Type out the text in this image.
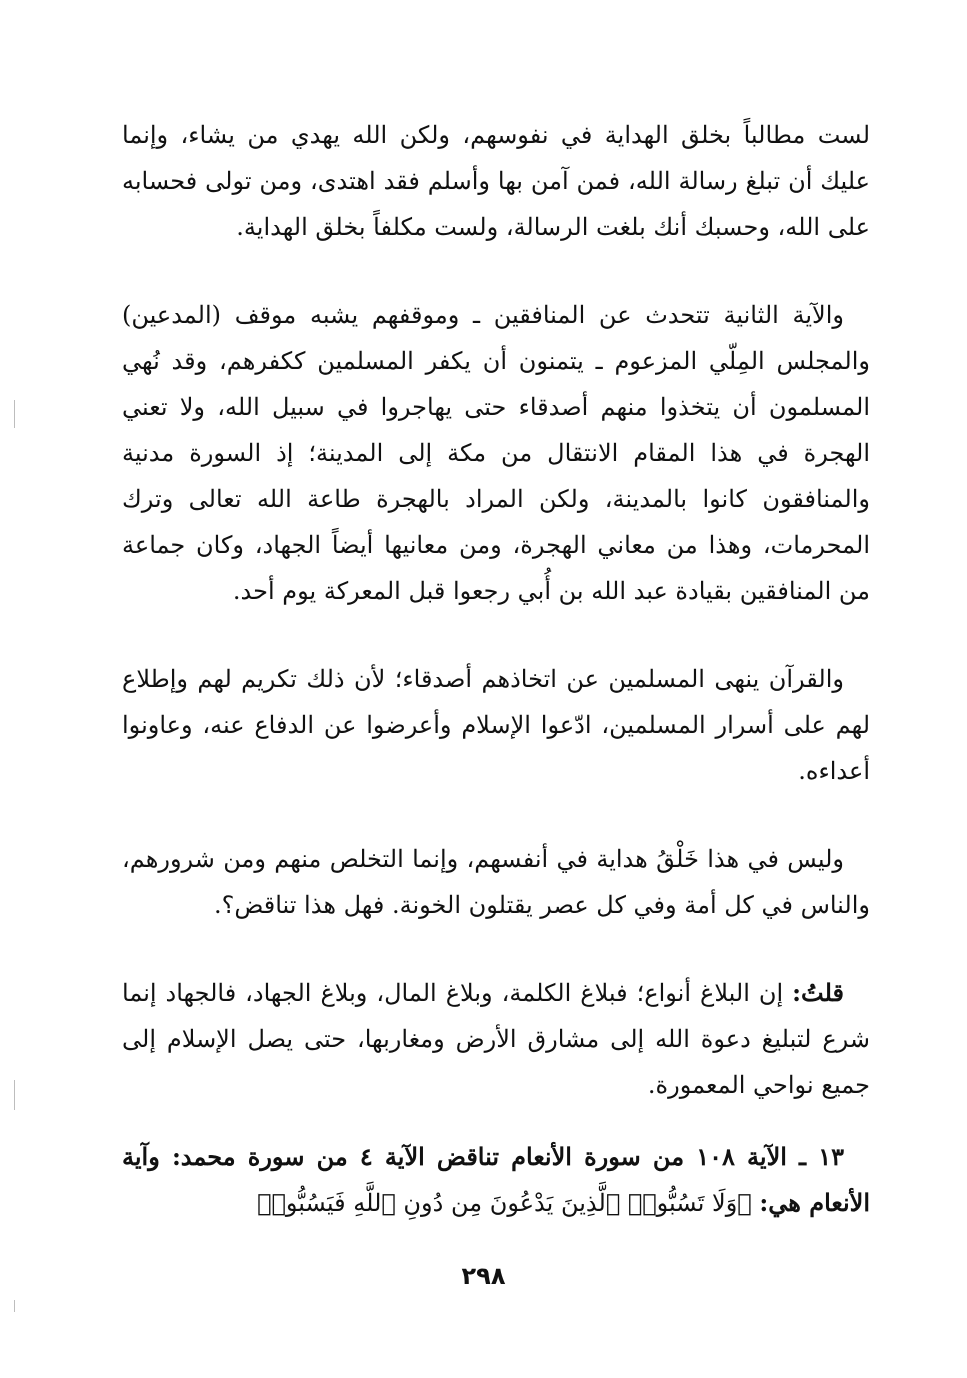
لست مطالباً بخلق الهداية في نفوسهم، ولكن الله يهدي من يشاء، وإنما عليك أن تبلغ رسالة الله، فمن آمن بها وأسلم فقد اهتدى، ومن تولى فحسابه على الله، وحسبك أنك بلغت الرسالة، ولست مكلفاً بخلق الهداية.

والآية الثانية تتحدث عن المنافقين ـ وموقفهم يشبه موقف (المدعين) والمجلس المِلّي المزعوم ـ يتمنون أن يكفر المسلمين ككفرهم، وقد نُهي المسلمون أن يتخذوا منهم أصدقاء حتى يهاجروا في سبيل الله، ولا تعني الهجرة في هذا المقام الانتقال من مكة إلى المدينة؛ إذ السورة مدنية والمنافقون كانوا بالمدينة، ولكن المراد بالهجرة طاعة الله تعالى وترك المحرمات، وهذا من معاني الهجرة، ومن معانيها أيضاً الجهاد، وكان جماعة من المنافقين بقيادة عبد الله بن أُبي رجعوا قبل المعركة يوم أحد.

والقرآن ينهى المسلمين عن اتخاذهم أصدقاء؛ لأن ذلك تكريم لهم وإطلاع لهم على أسرار المسلمين، ادّعوا الإسلام وأعرضوا عن الدفاع عنه، وعاونوا أعداءه.

وليس في هذا خَلْقُ هداية في أنفسهم، وإنما التخلص منهم ومن شرورهم، والناس في كل أمة وفي كل عصر يقتلون الخونة. فهل هذا تناقض؟.

قلتُ: إن البلاغ أنواع؛ فبلاغ الكلمة، وبلاغ المال، وبلاغ الجهاد، فالجهاد إنما شرع لتبليغ دعوة الله إلى مشارق الأرض ومغاربها، حتى يصل الإسلام إلى جميع نواحي المعمورة.

١٣ ـ الآية ١٠٨ من سورة الأنعام تناقض الآية ٤ من سورة محمد: وآية الأنعام هي: ﴿وَلَا تَسُبُّوا۟ ٱلَّذِينَ يَدْعُونَ مِن دُونِ ٱللَّهِ فَيَسُبُّوا۟

٢٩٨
